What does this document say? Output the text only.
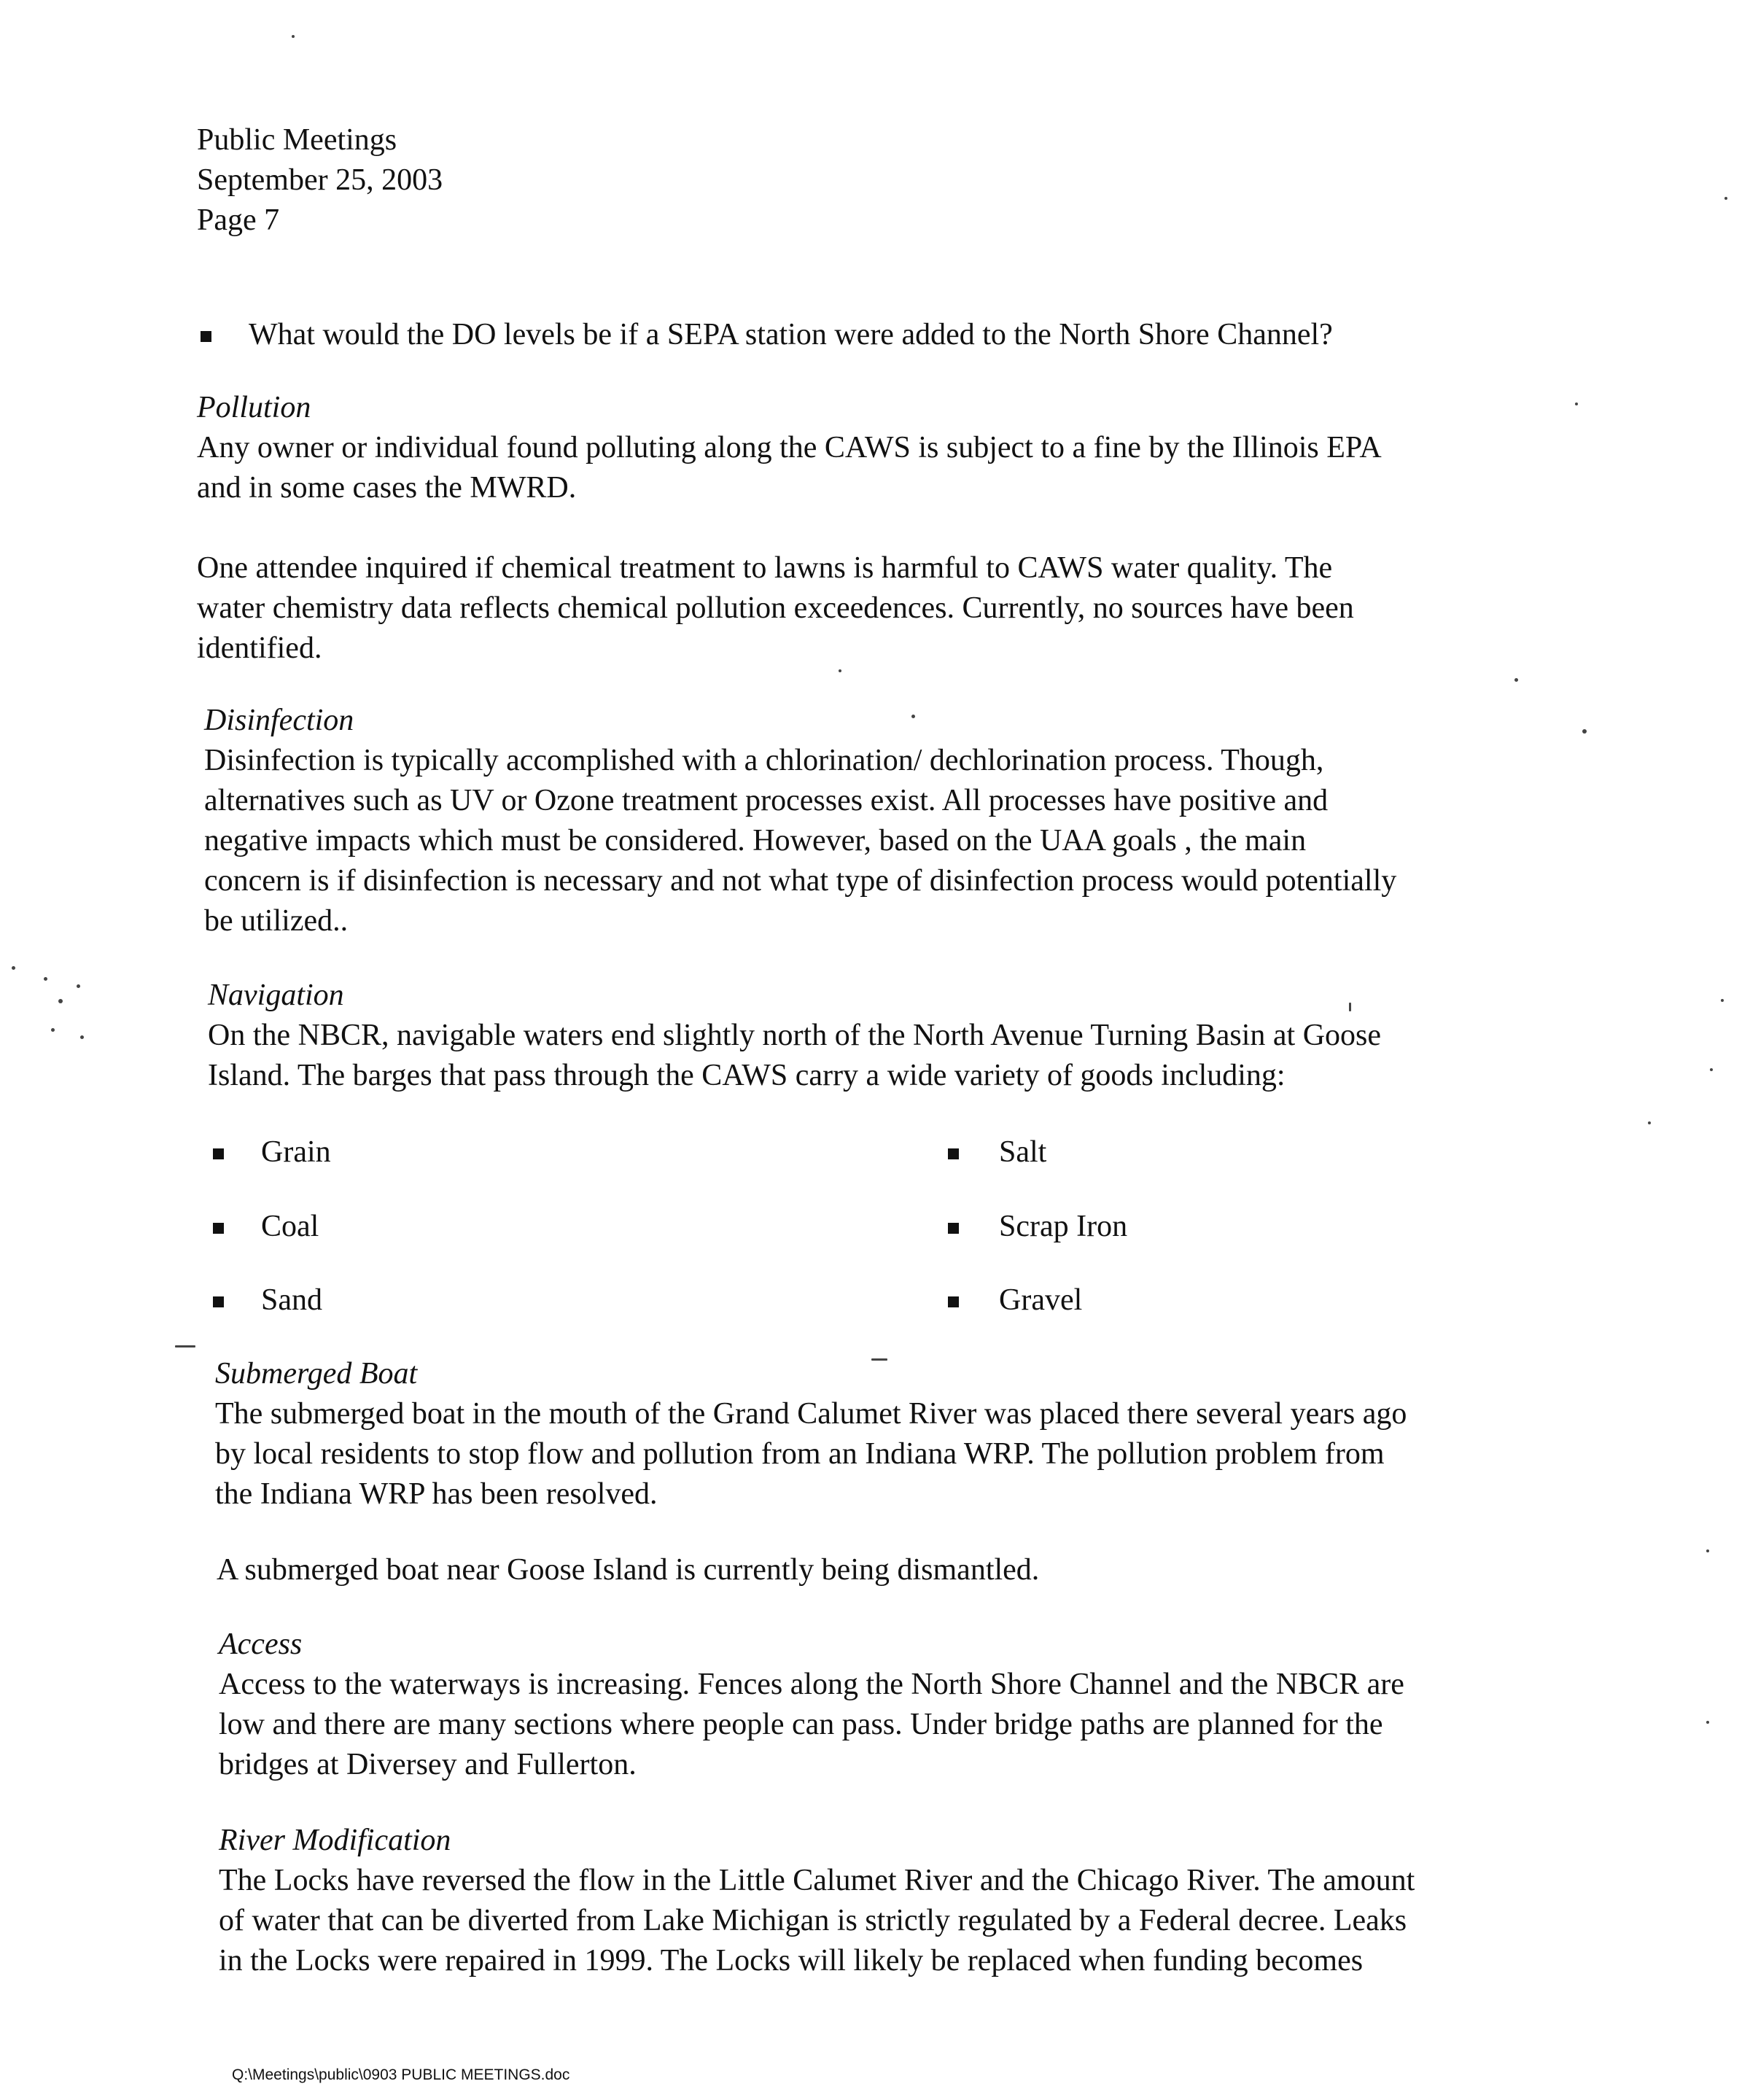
Public Meetings
September 25, 2003
Page 7
What would the DO levels be if a SEPA station were added to the North Shore Channel?
Pollution
Any owner or individual found polluting along the CAWS is subject to a fine by the Illinois EPA
and in some cases the MWRD.
One attendee inquired if chemical treatment to lawns is harmful to CAWS water quality. The
water chemistry data reflects chemical pollution exceedences. Currently, no sources have been
identified.
Disinfection
Disinfection is typically accomplished with a chlorination/ dechlorination process. Though,
alternatives such as UV or Ozone treatment processes exist. All processes have positive and
negative impacts which must be considered. However, based on the UAA goals , the main
concern is if disinfection is necessary and not what type of disinfection process would potentially
be utilized..
Navigation
On the NBCR, navigable waters end slightly north of the North Avenue Turning Basin at Goose
Island. The barges that pass through the CAWS carry a wide variety of goods including:
Grain
Coal
Sand
Salt
Scrap Iron
Gravel
Submerged Boat
The submerged boat in the mouth of the Grand Calumet River was placed there several years ago
by local residents to stop flow and pollution from an Indiana WRP. The pollution problem from
the Indiana WRP has been resolved.
A submerged boat near Goose Island is currently being dismantled.
Access
Access to the waterways is increasing. Fences along the North Shore Channel and the NBCR are
low and there are many sections where people can pass. Under bridge paths are planned for the
bridges at Diversey and Fullerton.
River Modification
The Locks have reversed the flow in the Little Calumet River and the Chicago River. The amount
of water that can be diverted from Lake Michigan is strictly regulated by a Federal decree. Leaks
in the Locks were repaired in 1999. The Locks will likely be replaced when funding becomes
Q:\Meetings\public\0903 PUBLIC MEETINGS.doc
